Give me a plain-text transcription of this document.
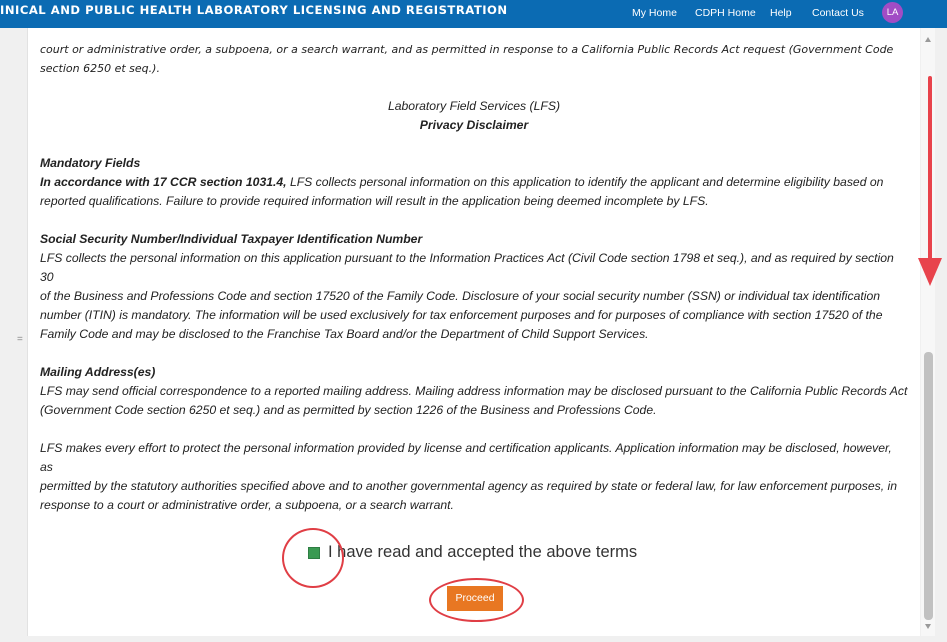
INICAL AND PUBLIC HEALTH LABORATORY LICENSING AND REGISTRATION	My Home CDPH Home Help Contact Us	LA
=

court or administrative order, a subpoena, or a search warrant, and as permitted in response to a California Public Records Act request (Government Code section 6250 et seq.).

Laboratory Field Services (LFS)

Privacy Disclaimer

Mandatory Fields

In accordance with 17 CCR section 1031.4, LFS collects personal information on this application to identify the applicant and determine eligibility based on

reported qualifications. Failure to provide required information will result in the application being deemed incomplete by LFS.

Social Security Number/Individual Taxpayer Identification Number

LFS collects the personal information on this application pursuant to the Information Practices Act (Civil Code section 1798 et seq.), and as required by section 30

of the Business and Professions Code and section 17520 of the Family Code. Disclosure of your social security number (SSN) or individual tax identification

number (ITIN) is mandatory. The information will be used exclusively for tax enforcement purposes and for purposes of compliance with section 17520 of the

Family Code and may be disclosed to the Franchise Tax Board and/or the Department of Child Support Services.

Mailing Address(es)

LFS may send official correspondence to a reported mailing address. Mailing address information may be disclosed pursuant to the California Public Records Act

(Government Code section 6250 et seq.) and as permitted by section 1226 of the Business and Professions Code.

LFS makes every effort to protect the personal information provided by license and certification applicants. Application information may be disclosed, however, as

permitted by the statutory authorities specified above and to another governmental agency as required by state or federal law, for law enforcement purposes, in

response to a court or administrative order, a subpoena, or a search warrant.

I have read and accepted the above terms
Proceed
